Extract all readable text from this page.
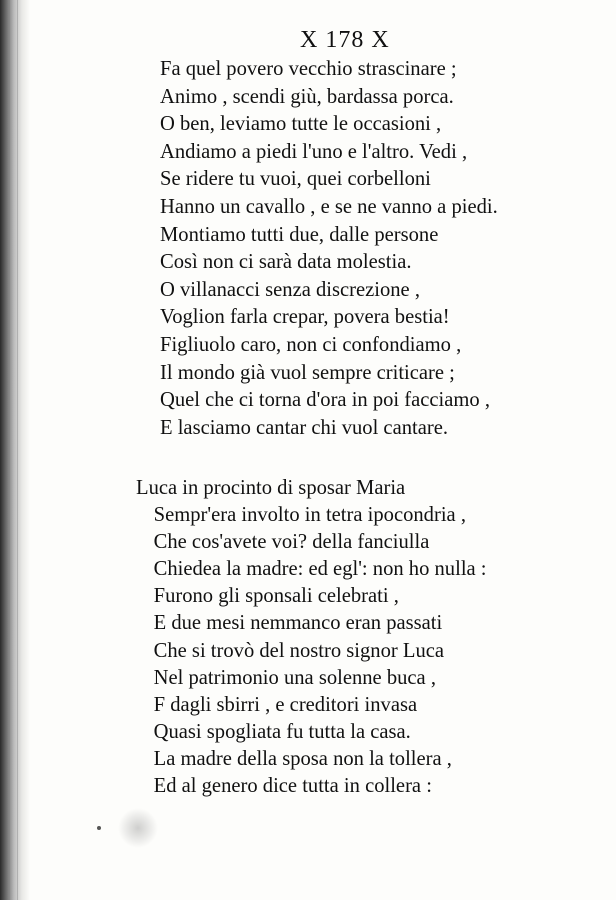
X 178 X
Fa quel povero vecchio strascinare ;
Animo , scendi giù, bardassa porca.
O ben, leviamo tutte le occasioni ,
Andiamo a piedi l'uno e l'altro. Vedi ,
Se ridere tu vuoi, quei corbelloni
Hanno un cavallo , e se ne vanno a piedi.
Montiamo tutti due, dalle persone
Così non ci sarà data molestia.
O villanacci senza discrezione ,
Voglion farla crepar, povera bestia!
Figliuolo caro, non ci confondiamo ,
Il mondo già vuol sempre criticare ;
Quel che ci torna d'ora in poi facciamo ,
E lasciamo cantar chi vuol cantare.
Luca in procinto di sposar Maria
Sempr'era involto in tetra ipocondria ,
Che cos'avete voi? della fanciulla
Chiedea la madre: ed egl': non ho nulla :
Furono gli sponsali celebrati ,
E due mesi nemmanco eran passati
Che si trovò del nostro signor Luca
Nel patrimonio una solenne buca ,
F dagli sbirri , e creditori invasa
Quasi spogliata fu tutta la casa.
La madre della sposa non la tollera ,
Ed al genero dice tutta in collera :
